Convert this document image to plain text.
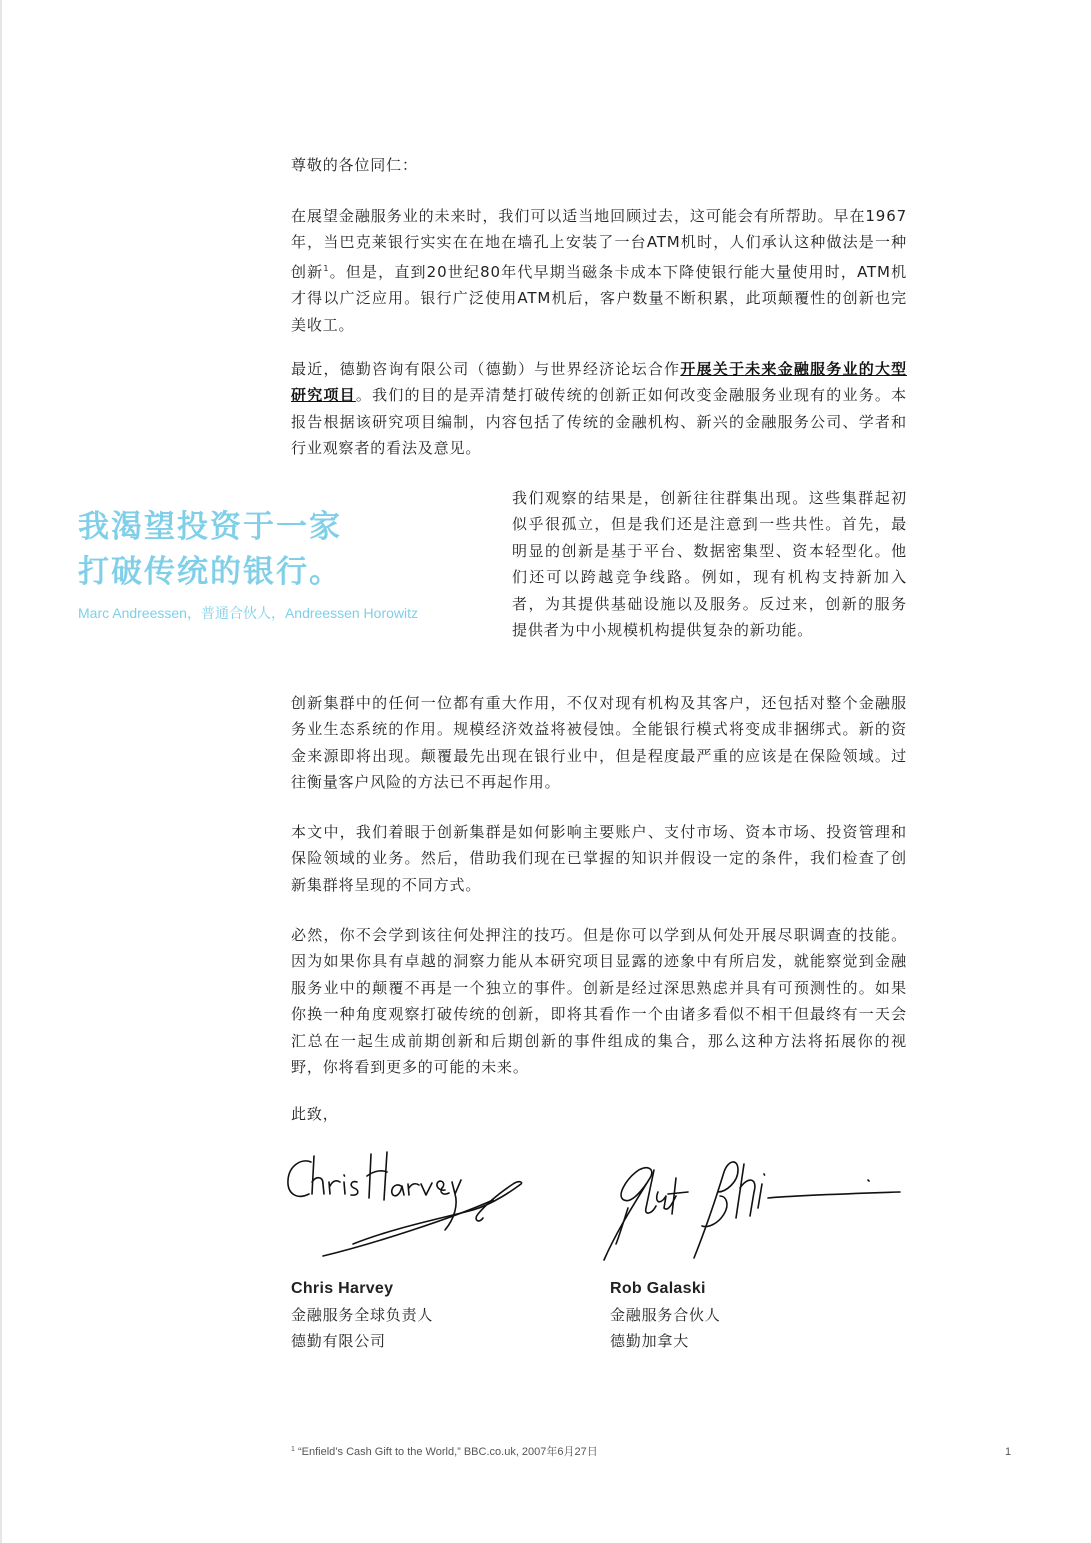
尊敬的各位同仁：

在展望金融服务业的未来时，我们可以适当地回顾过去，这可能会有所帮助。早在1967年，当巴克莱银行实实在在地在墙孔上安装了一台ATM机时，人们承认这种做法是一种创新$^1$。但是，直到20世纪80年代早期当磁条卡成本下降使银行能大量使用时，ATM机才得以广泛应用。银行广泛使用ATM机后，客户数量不断积累，此项颠覆性的创新也完美收工。

最近，德勤咨询有限公司（德勤）与世界经济论坛合作开展关于未来金融服务业的大型研究项目。我们的目的是弄清楚打破传统的创新正如何改变金融服务业现有的业务。本报告根据该研究项目编制，内容包括了传统的金融机构、新兴的金融服务公司、学者和行业观察者的看法及意见。

我们观察的结果是，创新往往群集出现。这些集群起初似乎很孤立，但是我们还是注意到一些共性。首先，最明显的创新是基于平台、数据密集型、资本轻型化。他们还可以跨越竞争线路。例如，现有机构支持新加入者，为其提供基础设施以及服务。反过来，创新的服务提供者为中小规模机构提供复杂的新功能。

创新集群中的任何一位都有重大作用，不仅对现有机构及其客户，还包括对整个金融服务业生态系统的作用。规模经济效益将被侵蚀。全能银行模式将变成非捆绑式。新的资金来源即将出现。颠覆最先出现在银行业中，但是程度最严重的应该是在保险领域。过往衡量客户风险的方法已不再起作用。

本文中，我们着眼于创新集群是如何影响主要账户、支付市场、资本市场、投资管理和保险领域的业务。然后，借助我们现在已掌握的知识并假设一定的条件，我们检查了创新集群将呈现的不同方式。

必然，你不会学到该往何处押注的技巧。但是你可以学到从何处开展尽职调查的技能。因为如果你具有卓越的洞察力能从本研究项目显露的迹象中有所启发，就能察觉到金融服务业中的颠覆不再是一个独立的事件。创新是经过深思熟虑并具有可预测性的。如果你换一种角度观察打破传统的创新，即将其看作一个由诸多看似不相干但最终有一天会汇总在一起生成前期创新和后期创新的事件组成的集合，那么这种方法将拓展你的视野，你将看到更多的可能的未来。

此致，
我渴望投资于一家
打破传统的银行。
Marc Andreessen，普通合伙人，Andreessen Horowitz
Chris Harvey
金融服务全球负责人
德勤有限公司
Rob Galaski
金融服务合伙人
德勤加拿大
$^1$ “Enfield’s Cash Gift to the World,” BBC.co.uk, 2007年6月27日	1
